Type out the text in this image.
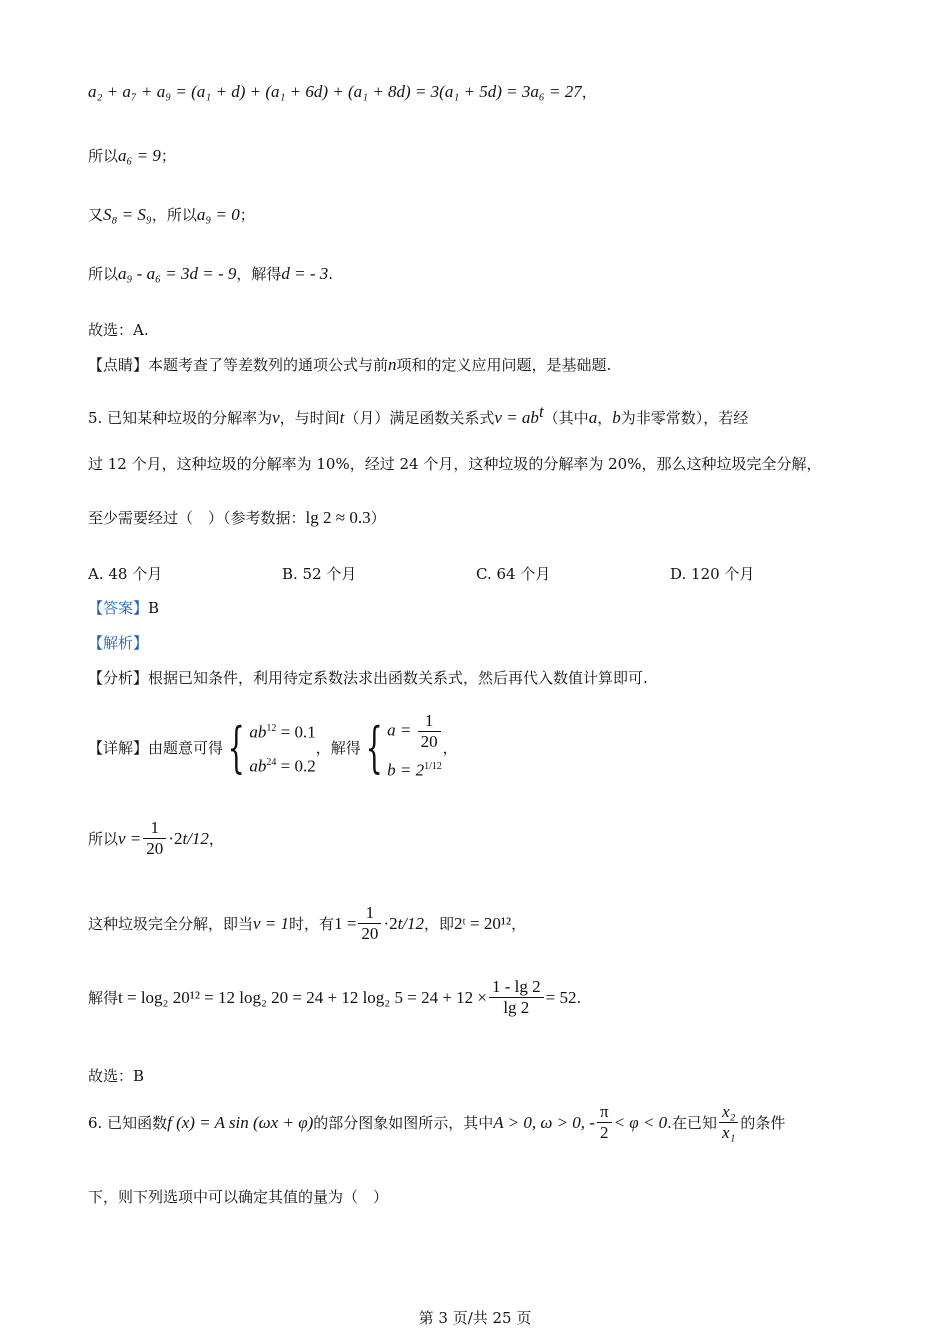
a₂ + a₇ + a₉ = (a₁ + d) + (a₁ + 6d) + (a₁ + 8d) = 3(a₁ + 5d) = 3a₆ = 27，
所以a₆ = 9；
又S₈ = S₉，所以a₉ = 0；
所以a₉ - a₆ = 3d = - 9，解得d = - 3.
故选：A.
【点睛】本题考查了等差数列的通项公式与前n项和的定义应用问题，是基础题.
5. 已知某种垃圾的分解率为v，与时间t（月）满足函数关系式$v = ab^t$（其中a，b为非零常数），若经
过 12 个月，这种垃圾的分解率为 10%，经过 24 个月，这种垃圾的分解率为 20%，那么这种垃圾完全分解，
至少需要经过（　）（参考数据：lg 2 ≈ 0.3）
A. 48 个月	B. 52 个月	C. 64 个月	D. 120 个月
【答案】B
【解析】
【分析】根据已知条件，利用待定系数法求出函数关系式，然后再代入数值计算即可.
【详解】由题意可得 { $ab^{12} = 0.1$
$ab^{24} = 0.2$
，解得 { $a = \frac{1}{20}$
$b = 2^{1/12}$
，
所以 $v = \frac{1}{20} \cdot 2$ t/12 ，
这种垃圾完全分解，即当 v = 1 时，有 $1 = \frac{1}{20} \cdot 2$ t/12 ，即 2ᵗ = 20¹² ，
解得 t = log₂ 20¹² = 12 log₂ 20 = 24 + 12 log₂ $5 = 24 + 12 \times \frac{1 - \lg 2}{\lg 2} = 52$ .
故选：B
6. 已知函数 f (x) = A sin (ωx + φ) 的部分图象如图所示，其中 A > 0, ω > 0, - $\frac{\pi}{2} < \varphi < 0$ .在已知 $\frac{\text{x₂}}{\text{x₁}}$ 的条件
下，则下列选项中可以确定其值的量为（　）
第 3 页/共 25 页
